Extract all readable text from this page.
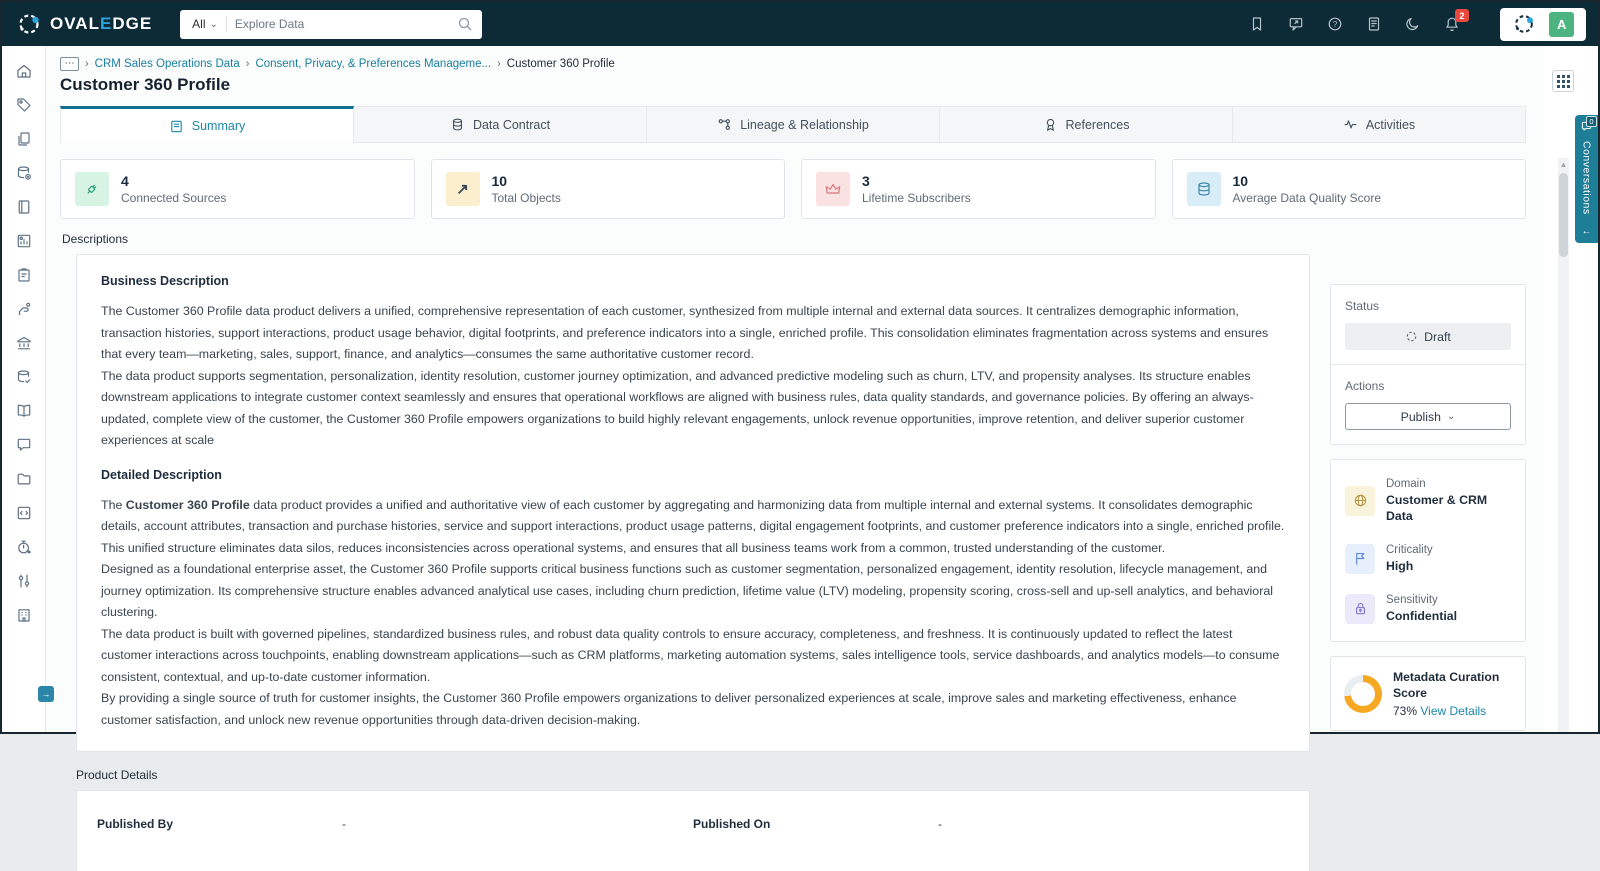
OVALEDGE	All ⌄
Explore Data	?
2
A
→
⋯ › CRM Sales Operations Data › Consent, Privacy, & Preferences Manageme... › Customer 360 Profile
Customer 360 Profile
Summary	Data Contract	Lineage & Relationship	References	Activities
4
Connected Sources	↗
10
Total Objects
3
Lifetime Subscribers
10
Average Data Quality Score
Descriptions
Business Description

The Customer 360 Profile data product delivers a unified, comprehensive representation of each customer, synthesized from multiple internal and external data sources. It centralizes demographic information, transaction histories, support interactions, product usage behavior, digital footprints, and preference indicators into a single, enriched profile. This consolidation eliminates fragmentation across systems and ensures that every team—marketing, sales, support, finance, and analytics—consumes the same authoritative customer record.

The data product supports segmentation, personalization, identity resolution, customer journey optimization, and advanced predictive modeling such as churn, LTV, and propensity analyses. Its structure enables downstream applications to integrate customer context seamlessly and ensures that operational workflows are aligned with business rules, data quality standards, and governance policies. By offering an always-updated, complete view of the customer, the Customer 360 Profile empowers organizations to build highly relevant engagements, unlock revenue opportunities, improve retention, and deliver superior customer experiences at scale

Detailed Description

The Customer 360 Profile data product provides a unified and authoritative view of each customer by aggregating and harmonizing data from multiple internal and external systems. It consolidates demographic details, account attributes, transaction and purchase histories, service and support interactions, product usage patterns, digital engagement footprints, and customer preference indicators into a single, enriched profile. This unified structure eliminates data silos, reduces inconsistencies across operational systems, and ensures that all business teams work from a common, trusted understanding of the customer.

Designed as a foundational enterprise asset, the Customer 360 Profile supports critical business functions such as customer segmentation, personalized engagement, identity resolution, lifecycle management, and journey optimization. Its comprehensive structure enables advanced analytical use cases, including churn prediction, lifetime value (LTV) modeling, propensity scoring, cross-sell and up-sell analytics, and behavioral clustering.

The data product is built with governed pipelines, standardized business rules, and robust data quality controls to ensure accuracy, completeness, and freshness. It is continuously updated to reflect the latest customer interactions across touchpoints, enabling downstream applications—such as CRM platforms, marketing automation systems, sales intelligence tools, service dashboards, and analytics models—to consume consistent, contextual, and up-to-date customer information.

By providing a single source of truth for customer insights, the Customer 360 Profile empowers organizations to deliver personalized experiences at scale, improve sales and marketing effectiveness, enhance customer satisfaction, and unlock new revenue opportunities through data-driven decision-making.

Product Details
Published By	-	Published On	-
Status
Draft
Actions
Publish ⌄
Domain
Customer & CRM Data
Criticality
High
Sensitivity
Confidential
Metadata Curation Score
73% View Details
▲
0
Conversations
←
